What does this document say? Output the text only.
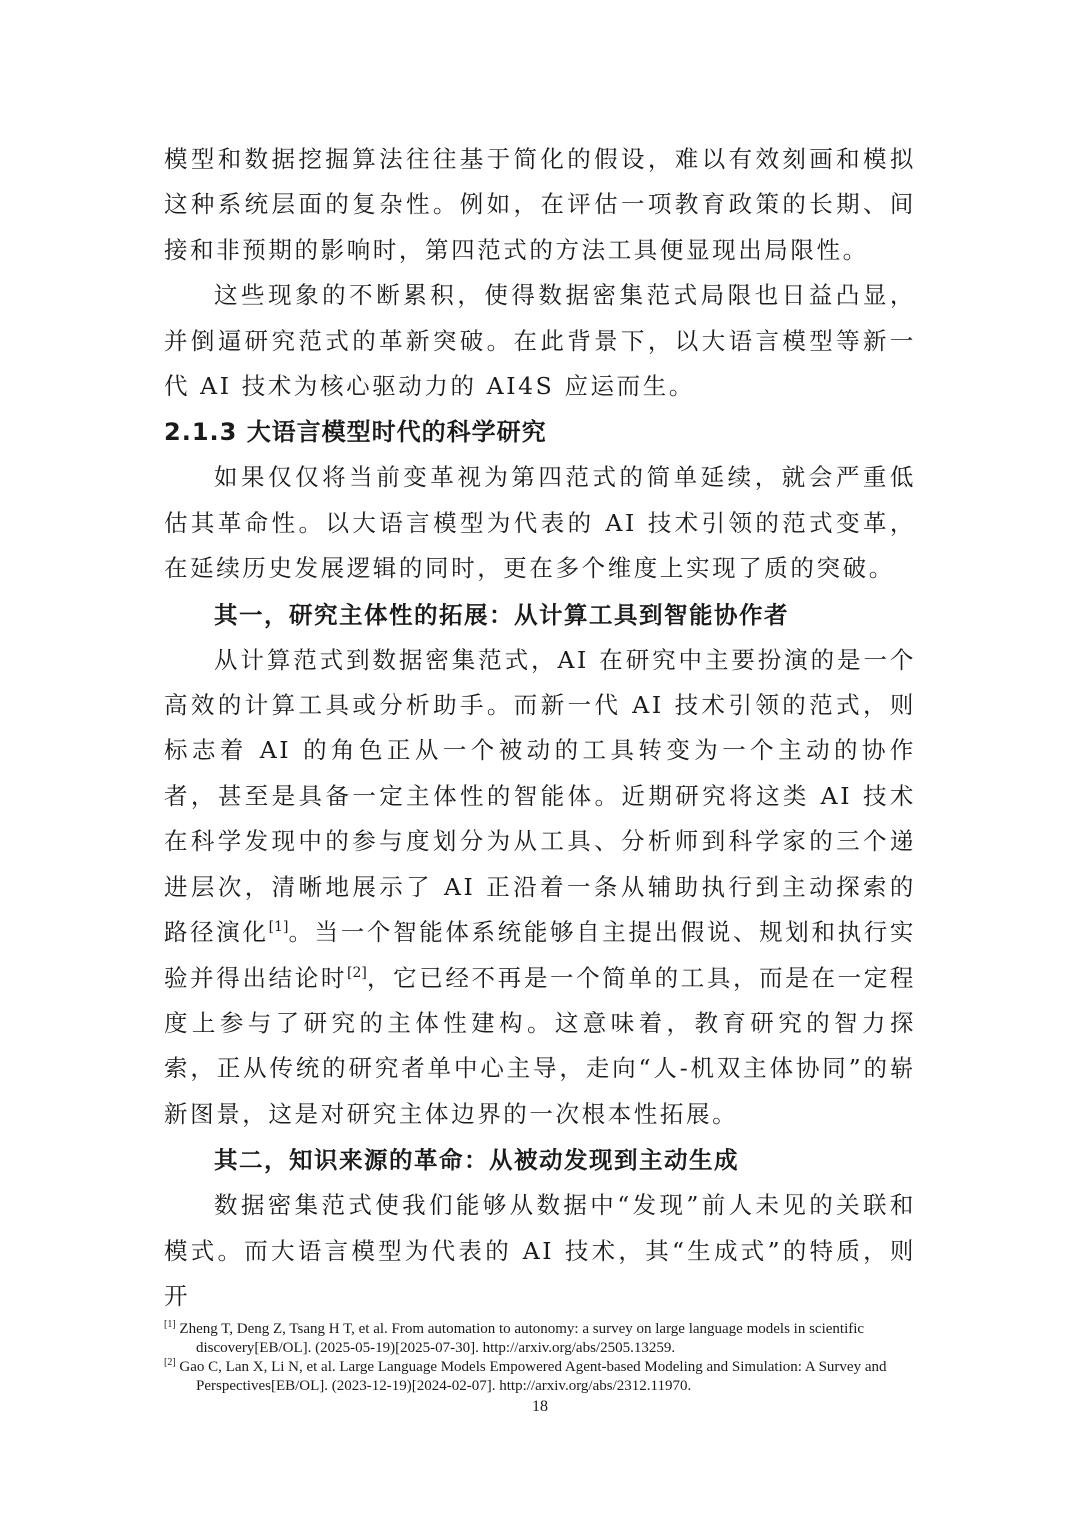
模型和数据挖掘算法往往基于简化的假设，难以有效刻画和模拟这种系统层面的复杂性。例如，在评估一项教育政策的长期、间接和非预期的影响时，第四范式的方法工具便显现出局限性。

这些现象的不断累积，使得数据密集范式局限也日益凸显，并倒逼研究范式的革新突破。在此背景下，以大语言模型等新一代 AI 技术为核心驱动力的 AI4S 应运而生。

2.1.3 大语言模型时代的科学研究

如果仅仅将当前变革视为第四范式的简单延续，就会严重低估其革命性。以大语言模型为代表的 AI 技术引领的范式变革，在延续历史发展逻辑的同时，更在多个维度上实现了质的突破。

其一，研究主体性的拓展：从计算工具到智能协作者

从计算范式到数据密集范式，AI 在研究中主要扮演的是一个高效的计算工具或分析助手。而新一代 AI 技术引领的范式，则标志着 AI 的角色正从一个被动的工具转变为一个主动的协作者，甚至是具备一定主体性的智能体。近期研究将这类 AI 技术在科学发现中的参与度划分为从工具、分析师到科学家的三个递进层次，清晰地展示了 AI 正沿着一条从辅助执行到主动探索的路径演化[1]。当一个智能体系统能够自主提出假说、规划和执行实验并得出结论时[2]，它已经不再是一个简单的工具，而是在一定程度上参与了研究的主体性建构。这意味着，教育研究的智力探索，正从传统的研究者单中心主导，走向“人-机双主体协同”的崭新图景，这是对研究主体边界的一次根本性拓展。

其二，知识来源的革命：从被动发现到主动生成

数据密集范式使我们能够从数据中“发现”前人未见的关联和模式。而大语言模型为代表的 AI 技术，其“生成式”的特质，则开

[1] Zheng T, Deng Z, Tsang H T, et al. From automation to autonomy: a survey on large language models in scientific discovery[EB/OL]. (2025-05-19)[2025-07-30]. http://arxiv.org/abs/2505.13259.

[2] Gao C, Lan X, Li N, et al. Large Language Models Empowered Agent-based Modeling and Simulation: A Survey and Perspectives[EB/OL]. (2023-12-19)[2024-02-07]. http://arxiv.org/abs/2312.11970.

18
